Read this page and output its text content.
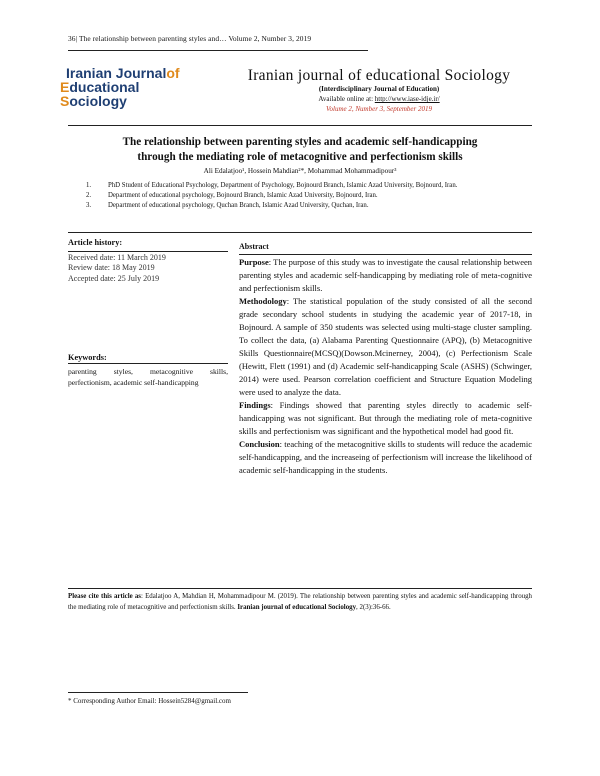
36| The relationship between parenting styles and… Volume 2, Number 3, 2019
Iranian Journalof
Educational
Sociology
Iranian journal of educational Sociology
(Interdisciplinary Journal of Education)
Available online at: http://www.iase-idje.ir/
Volume 2, Number 3, September 2019
The relationship between parenting styles and academic self-handicapping
through the mediating role of metacognitive and perfectionism skills
Ali Edalatjoo¹, Hossein Mahdian²*, Mohammad Mohammadipour³
1.	PhD Student of Educational Psychology, Department of Psychology, Bojnourd Branch, Islamic Azad University, Bojnourd, Iran.
2.	Department of educational psychology, Bojnourd Branch, Islamic Azad University, Bojnourd, Iran.
3.	Department of educational psychology, Quchan Branch, Islamic Azad University, Quchan, Iran.
Article history:
Received date: 11 March 2019
Review date: 18 May 2019
Accepted date: 25 July 2019
Keywords:
parenting styles, metacognitive skills, perfectionism, academic self-handicapping
Abstract

Purpose: The purpose of this study was to investigate the causal relationship between parenting styles and academic self-handicapping by mediating role of meta-cognitive and perfectionism skills.

Methodology: The statistical population of the study consisted of all the second grade secondary school students in studying the academic year of 2017-18, in Bojnourd. A sample of 350 students was selected using multi-stage cluster sampling. To collect the data, (a) Alabama Parenting Questionnaire (APQ), (b) Metacognitive Skills Questionnaire(MCSQ)(Dowson.Mcinerney, 2004), (c) Perfectionism Scale (Hewitt, Flett (1991) and (d) Academic self-handicapping Scale (ASHS) (Schwinger, 2014) were used. Pearson correlation coefficient and Structure Equation Modeling were used to analyze the data.

Findings: Findings showed that parenting styles directly to academic self-handicapping was not significant. But through the mediating role of meta-cognitive skills and perfectionism was significant and the hypothetical model had good fit.

Conclusion: teaching of the metacognitive skills to students will reduce the academic self-handicapping, and the increaseing of perfectionism will increase the likelihood of academic self-handicapping in the students.

Please cite this article as: Edalatjoo A, Mahdian H, Mohammadipour M. (2019). The relationship between parenting styles and academic self-handicapping through the mediating role of metacognitive and perfectionism skills. Iranian journal of educational Sociology, 2(3):36-66.
* Corresponding Author Email: Hossein5284@gmail.com
